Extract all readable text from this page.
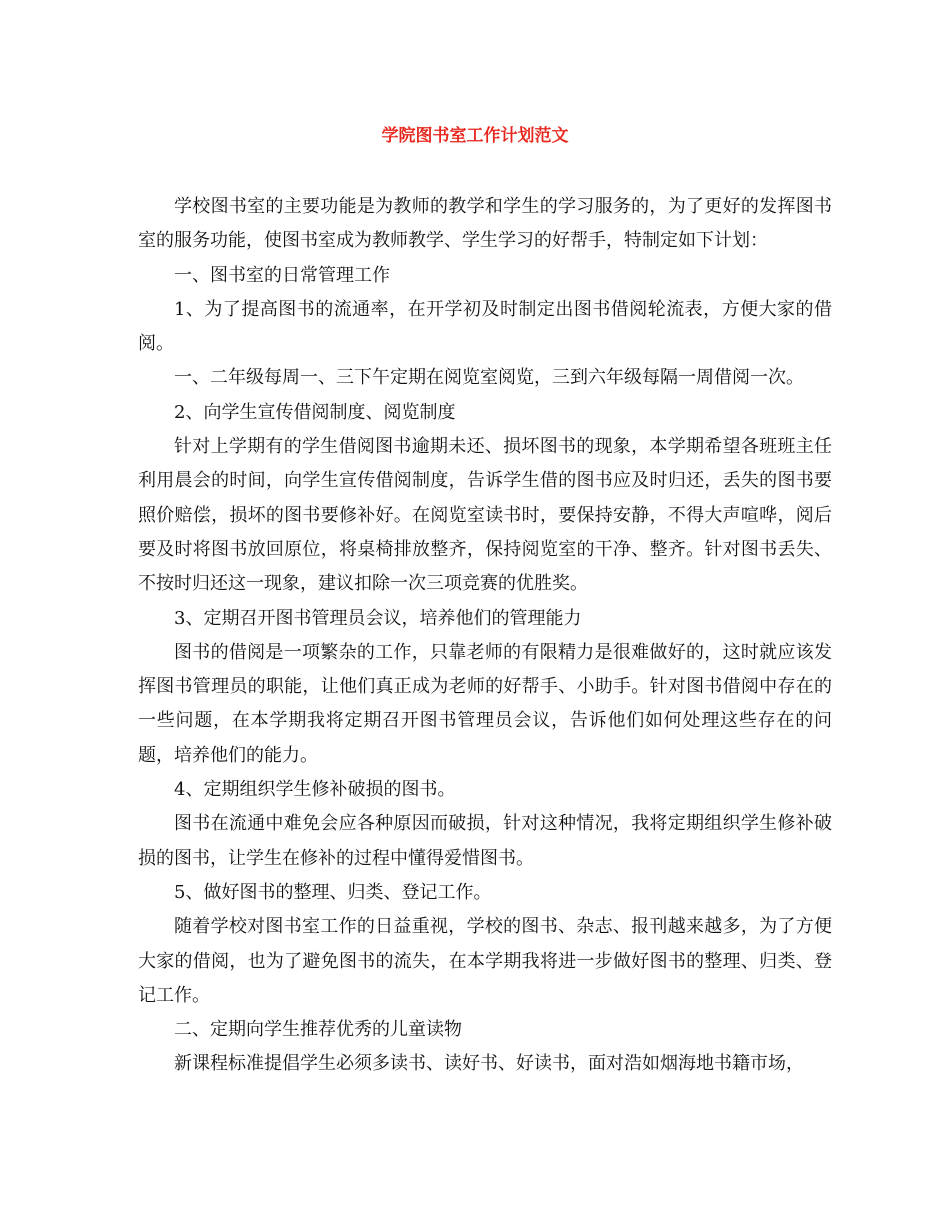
学院图书室工作计划范文

学校图书室的主要功能是为教师的教学和学生的学习服务的，为了更好的发挥图书室的服务功能，使图书室成为教师教学、学生学习的好帮手，特制定如下计划：

一、图书室的日常管理工作

1、为了提高图书的流通率，在开学初及时制定出图书借阅轮流表，方便大家的借阅。

一、二年级每周一、三下午定期在阅览室阅览，三到六年级每隔一周借阅一次。

2、向学生宣传借阅制度、阅览制度

针对上学期有的学生借阅图书逾期未还、损坏图书的现象，本学期希望各班班主任利用晨会的时间，向学生宣传借阅制度，告诉学生借的图书应及时归还，丢失的图书要照价赔偿，损坏的图书要修补好。在阅览室读书时，要保持安静，不得大声喧哗，阅后要及时将图书放回原位，将桌椅排放整齐，保持阅览室的干净、整齐。针对图书丢失、不按时归还这一现象，建议扣除一次三项竞赛的优胜奖。

3、定期召开图书管理员会议，培养他们的管理能力

图书的借阅是一项繁杂的工作，只靠老师的有限精力是很难做好的，这时就应该发挥图书管理员的职能，让他们真正成为老师的好帮手、小助手。针对图书借阅中存在的一些问题，在本学期我将定期召开图书管理员会议，告诉他们如何处理这些存在的问题，培养他们的能力。

4、定期组织学生修补破损的图书。

图书在流通中难免会应各种原因而破损，针对这种情况，我将定期组织学生修补破损的图书，让学生在修补的过程中懂得爱惜图书。

5、做好图书的整理、归类、登记工作。

随着学校对图书室工作的日益重视，学校的图书、杂志、报刊越来越多，为了方便大家的借阅，也为了避免图书的流失，在本学期我将进一步做好图书的整理、归类、登记工作。

二、定期向学生推荐优秀的儿童读物

新课程标准提倡学生必须多读书、读好书、好读书，面对浩如烟海地书籍市场，
